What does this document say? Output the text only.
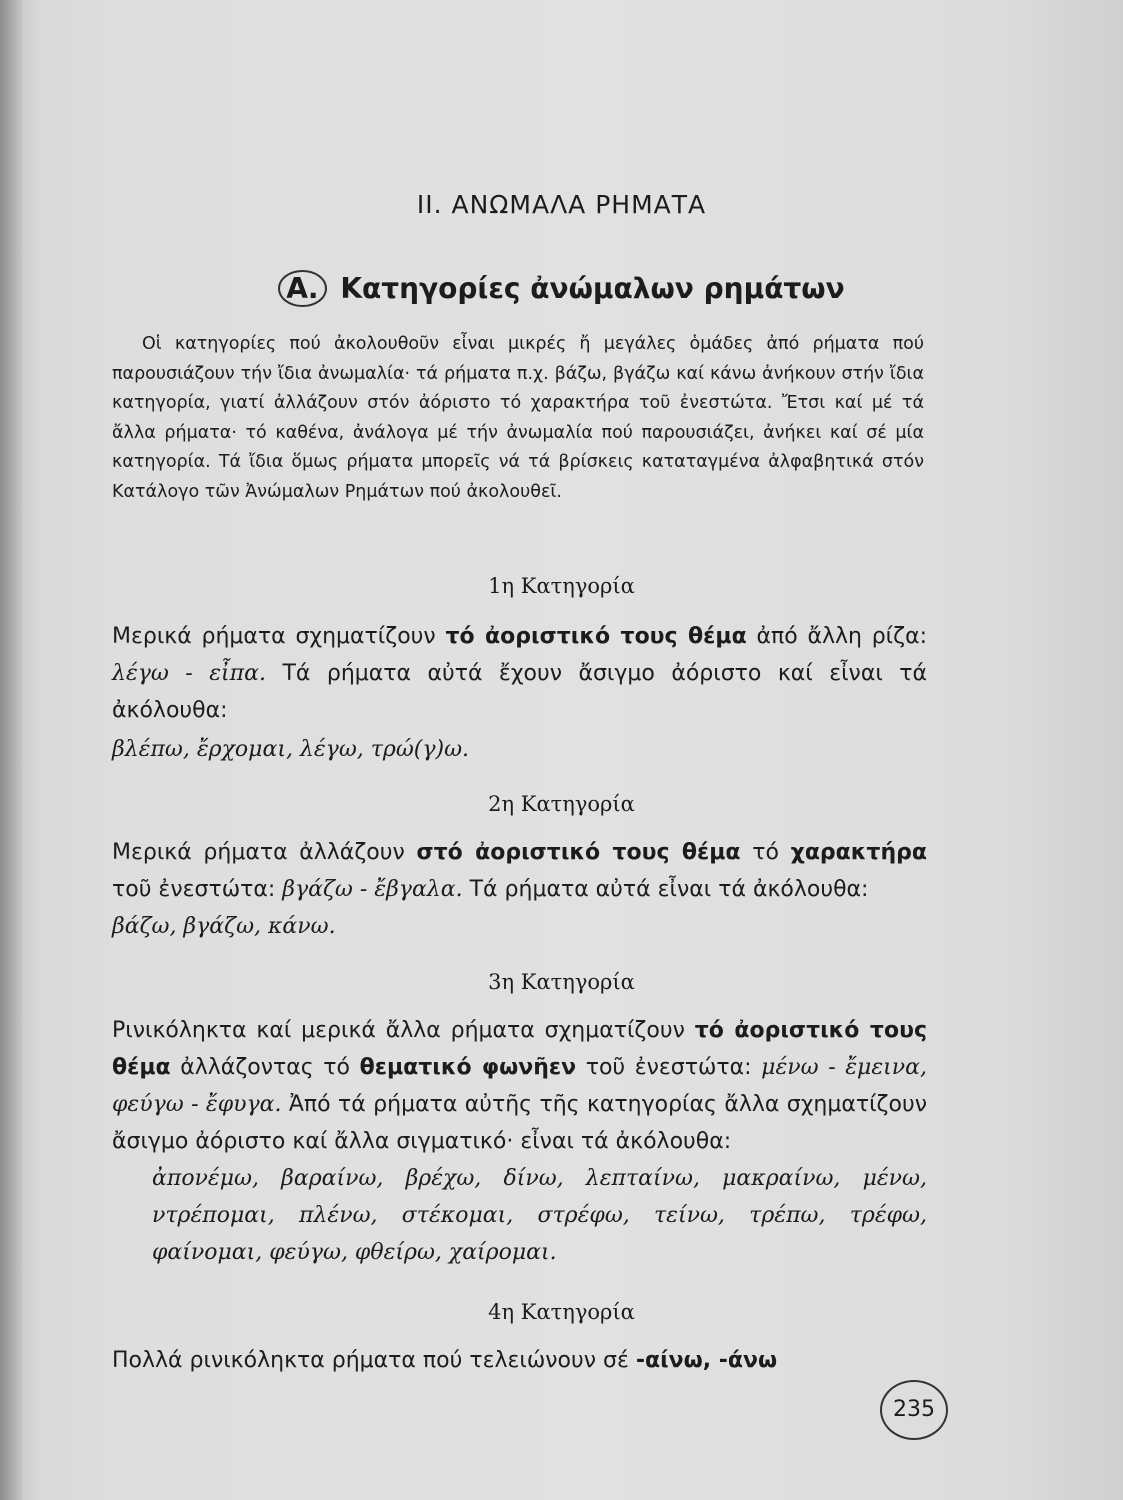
II. ΑΝΩΜΑΛΑ ΡΗΜΑΤΑ
Α. Κατηγορίες ἀνώμαλων ρημάτων

Οἱ κατηγορίες πού ἀκολουθοῦν εἶναι μικρές ἤ μεγάλες ὁμάδες ἀπό ρήματα πού παρουσιάζουν τήν ἴδια ἀνωμαλία· τά ρήματα π.χ. βάζω, βγάζω καί κάνω ἀνήκουν στήν ἴδια κατηγορία, γιατί ἀλλάζουν στόν ἀόριστο τό χαρακτήρα τοῦ ἐνεστώτα. Ἔτσι καί μέ τά ἄλλα ρήματα· τό καθένα, ἀνάλογα μέ τήν ἀνωμαλία πού παρουσιάζει, ἀνήκει καί σέ μία κατηγορία. Τά ἴδια ὅμως ρήματα μπορεῖς νά τά βρίσκεις καταταγμένα ἀλφαβητικά στόν Κατάλογο τῶν Ἀνώμαλων Ρημάτων πού ἀκολουθεῖ.

1η Κατηγορία

Μερικά ρήματα σχηματίζουν τό ἀοριστικό τους θέμα ἀπό ἄλλη ρίζα: λέγω - εἶπα. Τά ρήματα αὐτά ἔχουν ἄσιγμο ἀόριστο καί εἶναι τά ἀκόλουθα:

βλέπω, ἔρχομαι, λέγω, τρώ(γ)ω.

2η Κατηγορία

Μερικά ρήματα ἀλλάζουν στό ἀοριστικό τους θέμα τό χαρακτήρα τοῦ ἐνεστώτα: βγάζω - ἔβγαλα. Τά ρήματα αὐτά εἶναι τά ἀκόλουθα:

βάζω, βγάζω, κάνω.

3η Κατηγορία

Ρινικόληκτα καί μερικά ἄλλα ρήματα σχηματίζουν τό ἀοριστικό τους θέμα ἀλλάζοντας τό θεματικό φωνῆεν τοῦ ἐνεστώτα: μένω - ἔμεινα, φεύγω - ἔφυγα. Ἀπό τά ρήματα αὐτῆς τῆς κατηγορίας ἄλλα σχηματίζουν ἄσιγμο ἀόριστο καί ἄλλα σιγματικό· εἶναι τά ἀκόλουθα:

ἀπονέμω, βαραίνω, βρέχω, δίνω, λεπταίνω, μακραίνω, μένω, ντρέπομαι, πλένω, στέκομαι, στρέφω, τείνω, τρέπω, τρέφω, φαίνομαι, φεύγω, φθείρω, χαίρομαι.

4η Κατηγορία

Πολλά ρινικόληκτα ρήματα πού τελειώνουν σέ -αίνω, -άνω

235
